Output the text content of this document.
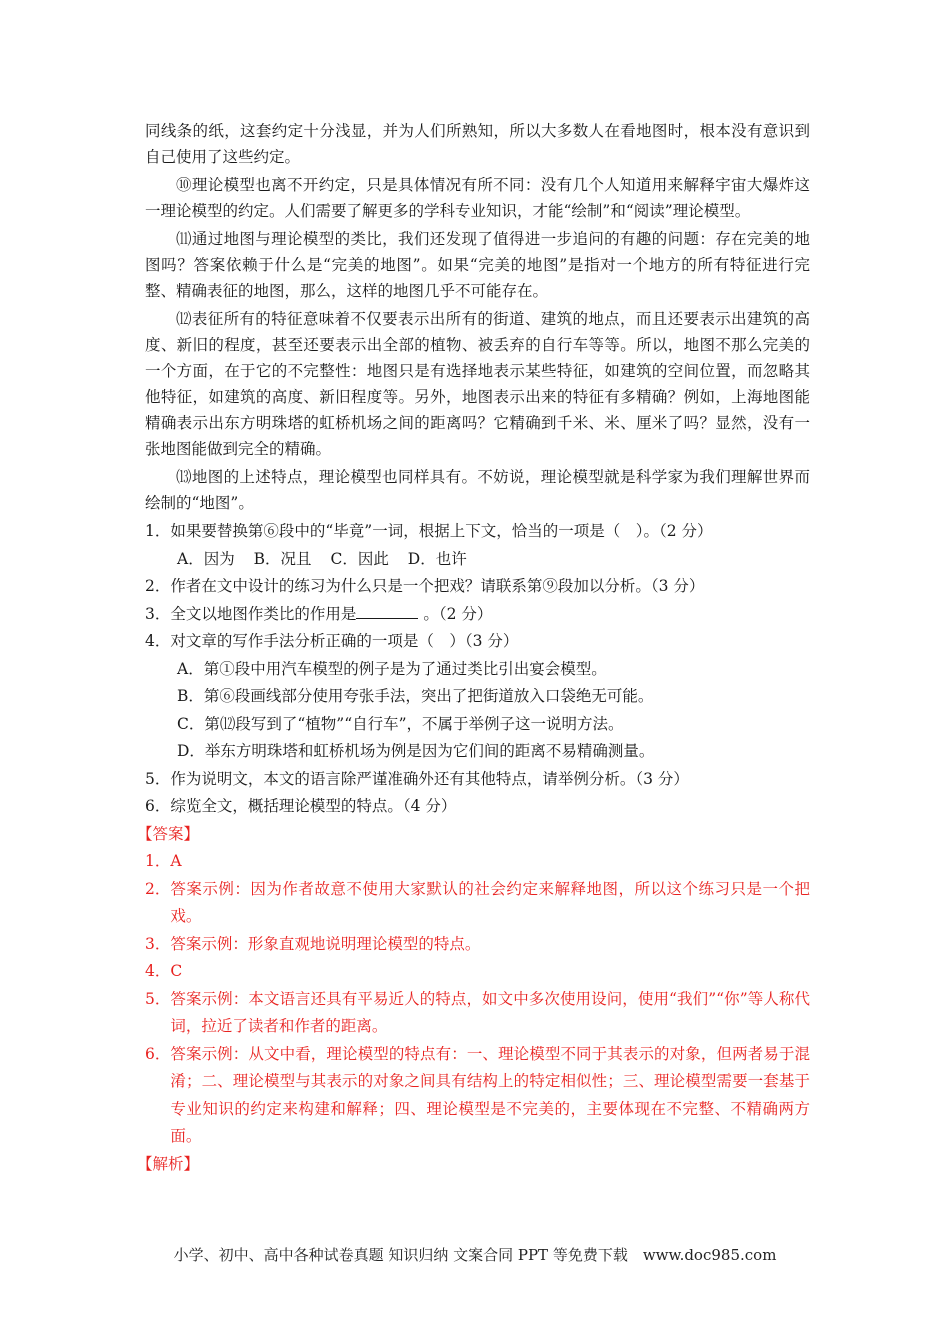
同线条的纸，这套约定十分浅显，并为人们所熟知，所以大多数人在看地图时，根本没有意识到自己使用了这些约定。

⑩理论模型也离不开约定，只是具体情况有所不同：没有几个人知道用来解释宇宙大爆炸这一理论模型的约定。人们需要了解更多的学科专业知识，才能“绘制”和“阅读”理论模型。

⑾通过地图与理论模型的类比，我们还发现了值得进一步追问的有趣的问题：存在完美的地图吗？答案依赖于什么是“完美的地图”。如果“完美的地图”是指对一个地方的所有特征进行完整、精确表征的地图，那么，这样的地图几乎不可能存在。

⑿表征所有的特征意味着不仅要表示出所有的街道、建筑的地点，而且还要表示出建筑的高度、新旧的程度，甚至还要表示出全部的植物、被丢弃的自行车等等。所以，地图不那么完美的一个方面，在于它的不完整性：地图只是有选择地表示某些特征，如建筑的空间位置，而忽略其他特征，如建筑的高度、新旧程度等。另外，地图表示出来的特征有多精确？例如，上海地图能精确表示出东方明珠塔的虹桥机场之间的距离吗？它精确到千米、米、厘米了吗？显然，没有一张地图能做到完全的精确。

⒀地图的上述特点，理论模型也同样具有。不妨说，理论模型就是科学家为我们理解世界而绘制的“地图”。

1． 如果要替换第⑥段中的“毕竟”一词，根据上下文，恰当的一项是（　）。（2 分）
A．因为 B．况且 C．因此 D．也许
2． 作者在文中设计的练习为什么只是一个把戏？请联系第⑨段加以分析。（3 分）
3． 全文以地图作类比的作用是	。（2 分）
4． 对文章的写作手法分析正确的一项是（　）（3 分）

A．第①段中用汽车模型的例子是为了通过类比引出宴会模型。

B．第⑥段画线部分使用夸张手法，突出了把街道放入口袋绝无可能。

C．第⑿段写到了“植物”“自行车”，不属于举例子这一说明方法。

D．举东方明珠塔和虹桥机场为例是因为它们间的距离不易精确测量。

5． 作为说明文，本文的语言除严谨准确外还有其他特点，请举例分析。（3 分）
6． 综览全文，概括理论模型的特点。（4 分）

【答案】

1． A
2． 答案示例：因为作者故意不使用大家默认的社会约定来解释地图，所以这个练习只是一个把戏。
3． 答案示例：形象直观地说明理论模型的特点。
4． C
5． 答案示例：本文语言还具有平易近人的特点，如文中多次使用设问，使用“我们”“你”等人称代词，拉近了读者和作者的距离。
6． 答案示例：从文中看，理论模型的特点有：一、理论模型不同于其表示的对象，但两者易于混淆；二、理论模型与其表示的对象之间具有结构上的特定相似性；三、理论模型需要一套基于专业知识的约定来构建和解释；四、理论模型是不完美的，主要体现在不完整、不精确两方面。

【解析】

小学、初中、高中各种试卷真题 知识归纳 文案合同 PPT 等免费下载　www.doc985.com
